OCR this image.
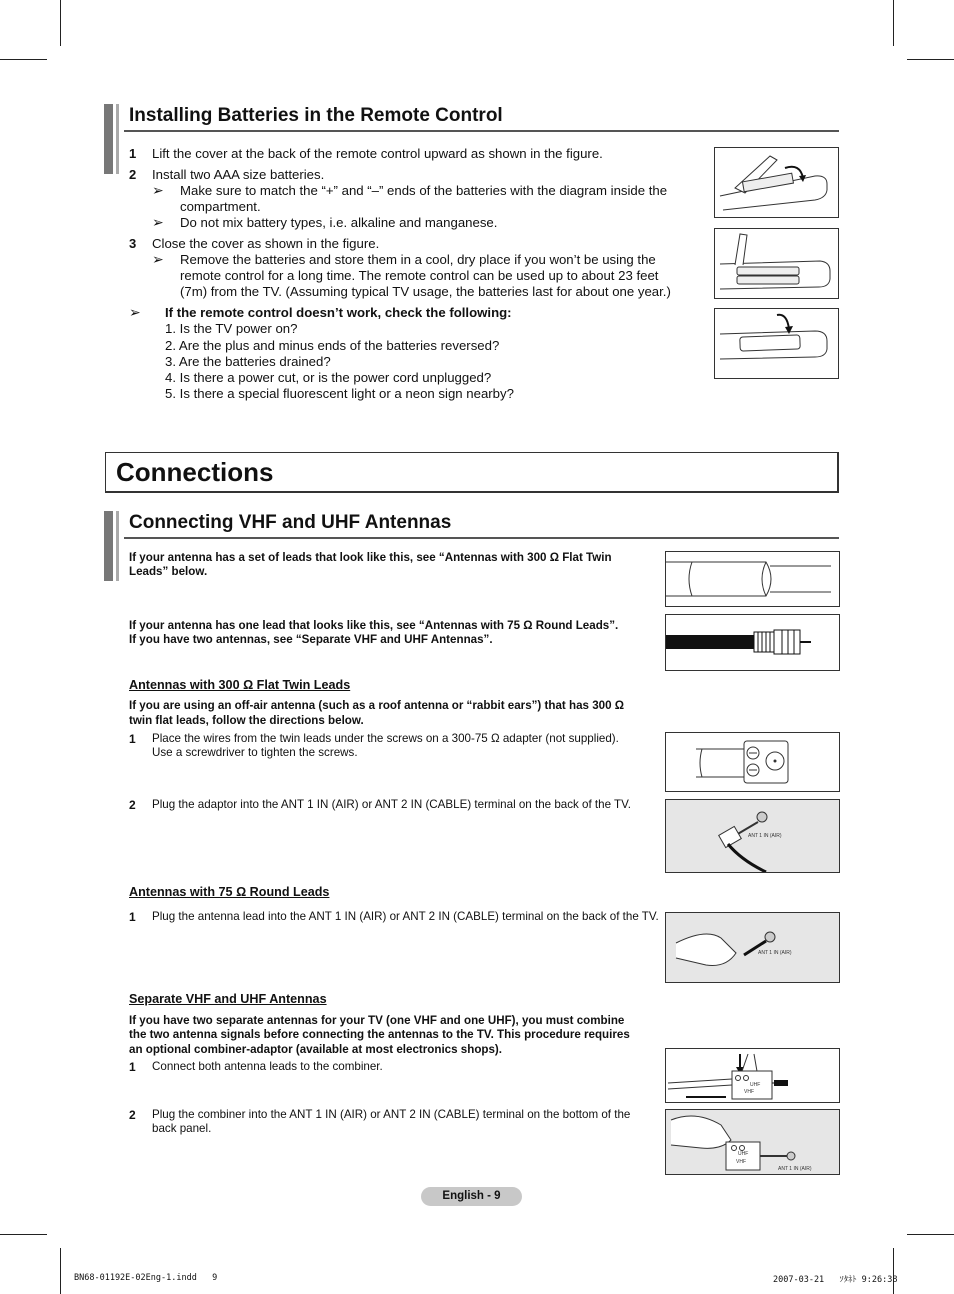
Installing Batteries in the Remote Control
1 Lift the cover at the back of the remote control upward as shown in the figure.
2 Install two AAA size batteries.
➢ Make sure to match the “+” and “–” ends of the batteries with the diagram inside the
compartment.
➢ Do not mix battery types, i.e. alkaline and manganese.
3 Close the cover as shown in the figure.
➢ Remove the batteries and store them in a cool, dry place if you won’t be using the
remote control for a long time. The remote control can be used up to about 23 feet
(7m) from the TV. (Assuming typical TV usage, the batteries last for about one year.)
➢ If the remote control doesn’t work, check the following:
1. Is the TV power on?
2. Are the plus and minus ends of the batteries reversed?
3. Are the batteries drained?
4. Is there a power cut, or is the power cord unplugged?
5. Is there a special fluorescent light or a neon sign nearby?
Connections
Connecting VHF and UHF Antennas
If your antenna has a set of leads that look like this, see “Antennas with 300 Ω Flat Twin
Leads” below.
If your antenna has one lead that looks like this, see “Antennas with 75 Ω Round Leads”.
If you have two antennas, see “Separate VHF and UHF Antennas”.
Antennas with 300 Ω Flat Twin Leads
If you are using an off-air antenna (such as a roof antenna or “rabbit ears”) that has 300 Ω
twin flat leads, follow the directions below.
1 Place the wires from the twin leads under the screws on a 300-75 Ω adapter (not supplied).
Use a screwdriver to tighten the screws.
2 Plug the adaptor into the ANT 1 IN (AIR) or ANT 2 IN (CABLE) terminal on the back of the TV.
ANT 1 IN (AIR)
Antennas with 75 Ω Round Leads
1 Plug the antenna lead into the ANT 1 IN (AIR) or ANT 2 IN (CABLE) terminal on the back of the TV.
ANT 1 IN (AIR)
Separate VHF and UHF Antennas
If you have two separate antennas for your TV (one VHF and one UHF), you must combine
the two antenna signals before connecting the antennas to the TV. This procedure requires
an optional combiner-adaptor (available at most electronics shops).
1 Connect both antenna leads to the combiner.
2 Plug the combiner into the ANT 1 IN (AIR) or ANT 2 IN (CABLE) terminal on the bottom of the
back panel.
UHF
VHF
UHF
VHF
ANT 1 IN (AIR)
English - 9
BN68-01192E-02Eng-1.indd   9	2007-03-21   ｿﾀﾈﾄ 9:26:38
